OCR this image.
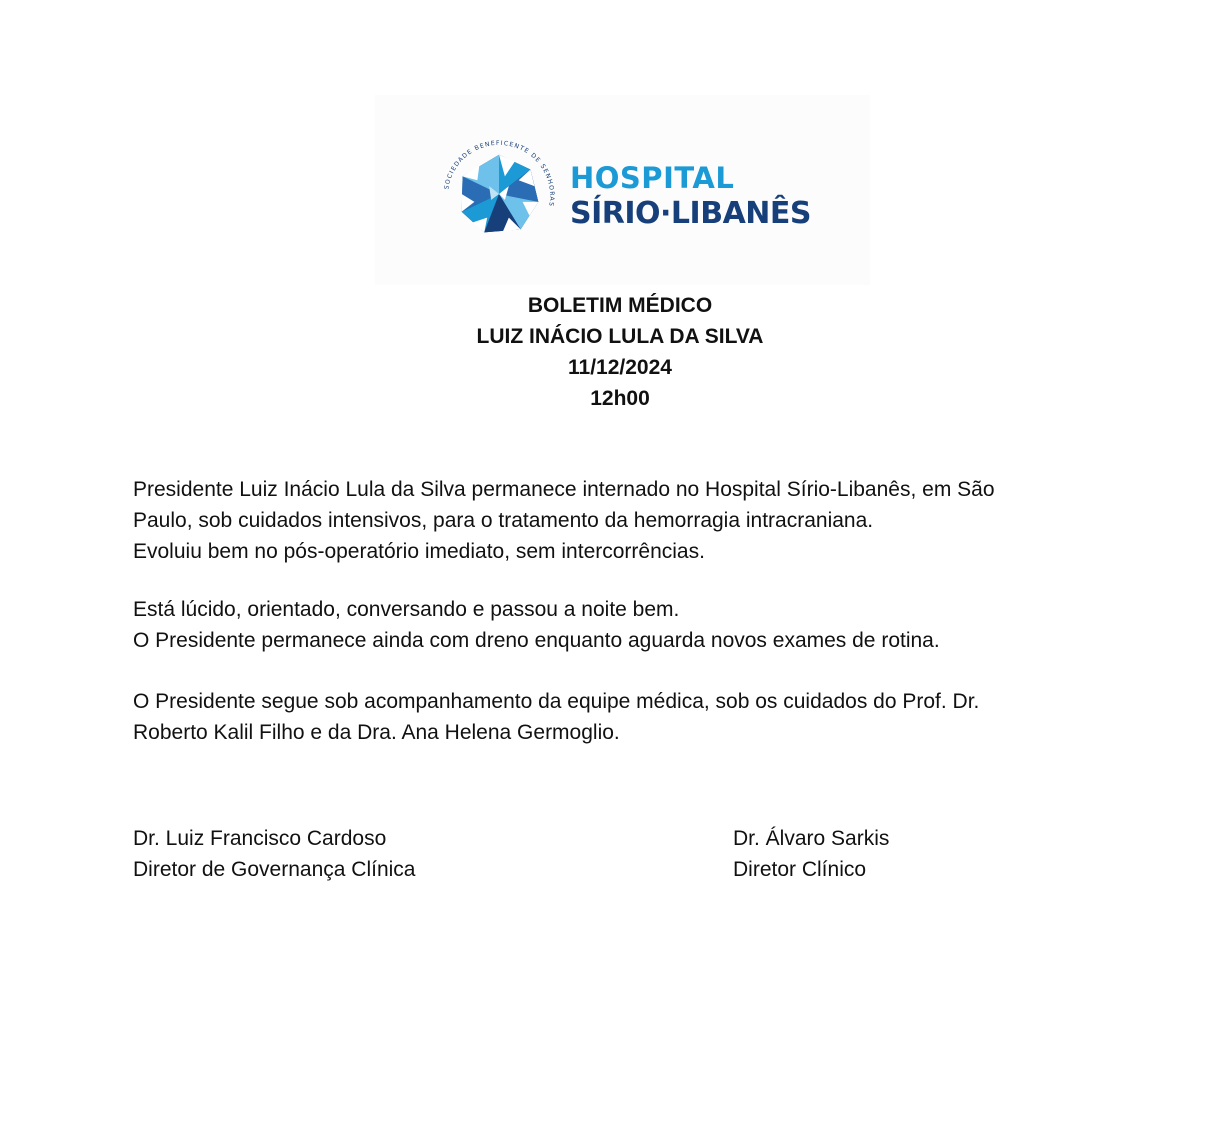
SOCIEDADE BENEFICENTE DE SENHORAS
HOSPITAL
SÍRIO·LIBANÊS
BOLETIM MÉDICO
LUIZ INÁCIO LULA DA SILVA
11/12/2024
12h00
Presidente Luiz Inácio Lula da Silva permanece internado no Hospital Sírio-Libanês, em São
Paulo, sob cuidados intensivos, para o tratamento da hemorragia intracraniana.
Evoluiu bem no pós-operatório imediato, sem intercorrências.
Está lúcido, orientado, conversando e passou a noite bem.
O Presidente permanece ainda com dreno enquanto aguarda novos exames de rotina.
O Presidente segue sob acompanhamento da equipe médica, sob os cuidados do Prof. Dr.
Roberto Kalil Filho e da Dra. Ana Helena Germoglio.
Dr. Luiz Francisco Cardoso
Diretor de Governança Clínica
Dr. Álvaro Sarkis
Diretor Clínico
